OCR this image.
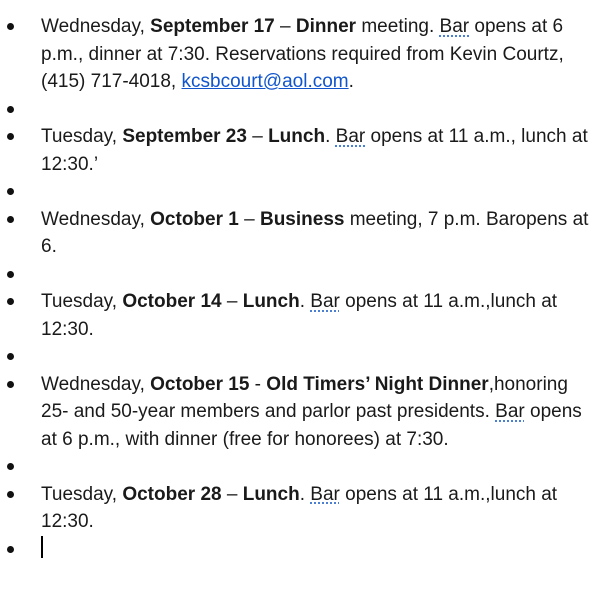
Wednesday, September 17 – Dinner meeting. Bar opens at 6 p.m., dinner at 7:30. Reservations required from Kevin Courtz, (415) 717-4018, kcsbcourt@aol.com.
Tuesday, September 23 – Lunch. Bar opens at 11 a.m., lunch at 12:30.’
Wednesday, October 1 – Business meeting, 7 p.m. Baropens at 6.
Tuesday, October 14 – Lunch. Bar opens at 11 a.m.,lunch at 12:30.
Wednesday, October 15 - Old Timers’ Night Dinner,honoring 25- and 50-year members and parlor past presidents. Bar opens at 6 p.m., with dinner (free for honorees) at 7:30.
Tuesday, October 28 – Lunch. Bar opens at 11 a.m.,lunch at 12:30.
